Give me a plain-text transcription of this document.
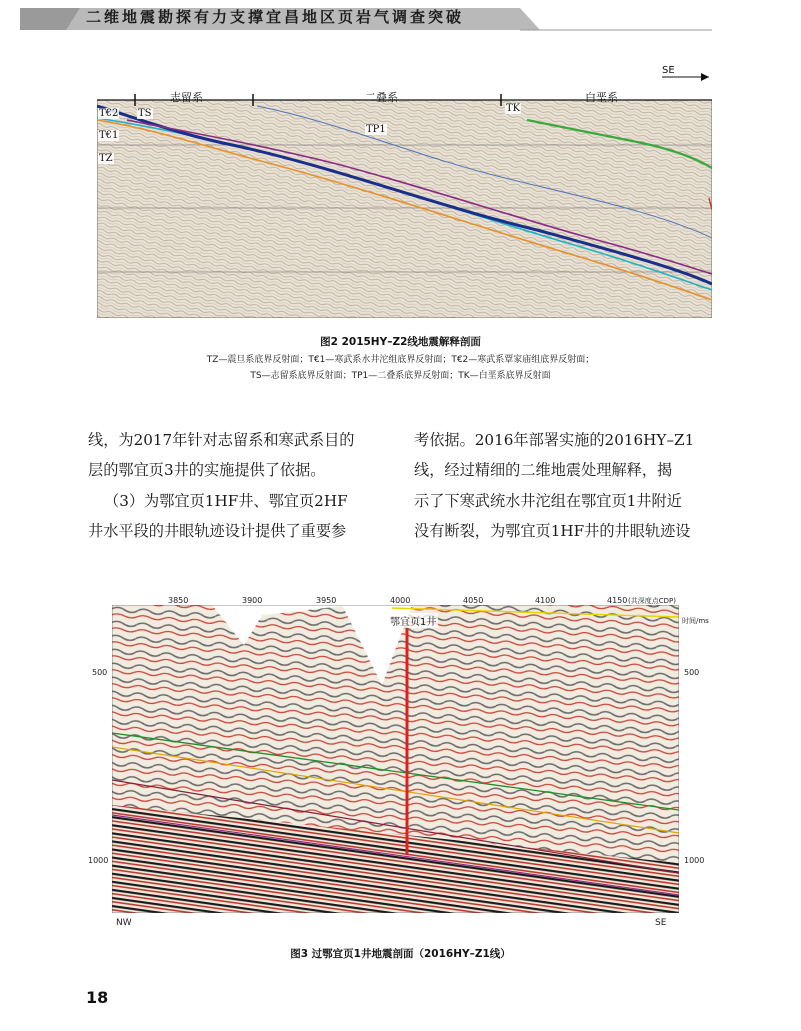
二维地震勘探有力支撑宜昌地区页岩气调查突破
志留系	二叠系	白垩系
SE
T€2
T€1
TZ
TS
TP1
TK
图2 2015HY–Z2线地震解释剖面
TZ—震旦系底界反射面；T€1—寒武系水井沱组底界反射面；T€2—寒武系覃家庙组底界反射面；
TS—志留系底界反射面；TP1—二叠系底界反射面；TK—白垩系底界反射面
线，为2017年针对志留系和寒武系目的
层的鄂宜页3井的实施提供了依据。
（3）为鄂宜页1HF井、鄂宜页2HF
井水平段的井眼轨迹设计提供了重要参
考依据。2016年部署实施的2016HY–Z1
线，经过精细的二维地震处理解释，揭
示了下寒武统水井沱组在鄂宜页1井附近
没有断裂，为鄂宜页1HF井的井眼轨迹设
鄂宜页1井
3850	3900	3950	4000	4050	4100	4150 (共深度点CDP)
时间/ms
500	500
1000	1000
NW	SE
图3 过鄂宜页1井地震剖面（2016HY–Z1线）
18
